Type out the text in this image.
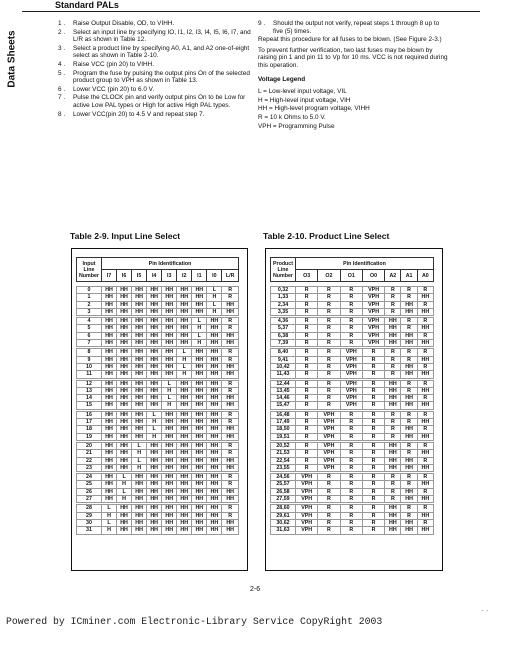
Standard PALs
Data Sheets
1 . Raise Output Disable, OD, to VIHH.
2 . Select an input line by specifying IO, I1, I2, I3, I4, I5, I6, I7, and L/R as shown in Table 12.
3 . Select a product line by specifying A0, A1, and A2 one-of-eight select as shown in Table 2-10.
4 . Raise VCC (pin 20) to VIHH.
5 . Program the fuse by pulsing the output pins On of the selected product group to VPH as shown in Table 13.
6 . Lower VCC (pin 20) to 6.0 V.
7 . Pulse the CLOCK pin and verify output pins On to be Low for active Low PAL types or High for active High PAL types.
8 . Lower VCC(pin 20) to 4.5 V and repeat step 7.
9 . Should the output not verify, repeat steps 1 through 8 up to five (5) times.

Repeat this procedure for all fuses to be blown. (See Figure 2-3.)

To prevent further verification, two last fuses may be blown by raising pin 1 and pin 11 to Vp for 10 ms. VCC is not required during this operation.

Voltage Legend
L = Low-level input voltage, VIL
H = High-level input voltage, VIH
HH = High-level program voltage, VIHH
R = 10 k Ohms to 5.0 V.
VPH = Programming Pulse
Table 2-9. Input Line Select	Table 2-10. Product Line Select
Input Line Number	Pin Identification								
	I7	I6	I5	I4	I3	I2	I1	I0	L/R

0	HH	HH	HH	HH	HH	HH	HH	L	R
1	HH	HH	HH	HH	HH	HH	HH	H	R
2	HH	HH	HH	HH	HH	HH	HH	L	HH
3	HH	HH	HH	HH	HH	HH	HH	H	HH

4	HH	HH	HH	HH	HH	HH	L	HH	R
5	HH	HH	HH	HH	HH	HH	H	HH	R
6	HH	HH	HH	HH	HH	HH	L	HH	HH
7	HH	HH	HH	HH	HH	HH	H	HH	HH

8	HH	HH	HH	HH	HH	L	HH	HH	R
9	HH	HH	HH	HH	HH	H	HH	HH	R
10	HH	HH	HH	HH	HH	L	HH	HH	HH
11	HH	HH	HH	HH	HH	H	HH	HH	HH

12	HH	HH	HH	HH	L	HH	HH	HH	R
13	HH	HH	HH	HH	H	HH	HH	HH	R
14	HH	HH	HH	HH	L	HH	HH	HH	HH
15	HH	HH	HH	HH	H	HH	HH	HH	HH

16	HH	HH	HH	L	HH	HH	HH	HH	R
17	HH	HH	HH	H	HH	HH	HH	HH	R
18	HH	HH	HH	L	HH	HH	HH	HH	HH
19	HH	HH	HH	H	HH	HH	HH	HH	HH

20	HH	HH	L	HH	HH	HH	HH	HH	R
21	HH	HH	H	HH	HH	HH	HH	HH	R
22	HH	HH	L	HH	HH	HH	HH	HH	HH
23	HH	HH	H	HH	HH	HH	HH	HH	HH

24	HH	L	HH	HH	HH	HH	HH	HH	R
25	HH	H	HH	HH	HH	HH	HH	HH	R
26	HH	L	HH	HH	HH	HH	HH	HH	HH
27	HH	H	HH	HH	HH	HH	HH	HH	HH

28	L	HH	HH	HH	HH	HH	HH	HH	R
29	H	HH	HH	HH	HH	HH	HH	HH	R
30	L	HH	HH	HH	HH	HH	HH	HH	HH
31	H	HH	HH	HH	HH	HH	HH	HH	HH
Product Line Number	Pin Identification						
	O3	O2	O1	O0	A2	A1	A0

0,32	R	R	R	VPH	R	R	R
1,33	R	R	R	VPH	R	R	HH
2,34	R	R	R	VPH	R	HH	R
3,35	R	R	R	VPH	R	HH	HH

4,36	R	R	R	VPH	HH	R	R
5,37	R	R	R	VPH	HH	R	HH
6,38	R	R	R	VPH	HH	HH	R
7,39	R	R	R	VPH	HH	HH	HH

8,40	R	R	VPH	R	R	R	R
9,41	R	R	VPH	R	R	R	HH
10,42	R	R	VPH	R	R	HH	R
11,43	R	R	VPH	R	R	HH	HH

12,44	R	R	VPH	R	HH	R	R
13,45	R	R	VPH	R	HH	R	HH
14,46	R	R	VPH	R	HH	HH	R
15,47	R	R	VPH	R	HH	HH	HH

16,48	R	VPH	R	R	R	R	R
17,49	R	VPH	R	R	R	R	HH
18,50	R	VPH	R	R	R	HH	R
19,51	R	VPH	R	R	R	HH	HH

20,52	R	VPH	R	R	HH	R	R
21,53	R	VPH	R	R	HH	R	HH
22,54	R	VPH	R	R	HH	HH	R
23,55	R	VPH	R	R	HH	HH	HH

24,56	VPH	R	R	R	R	R	R
25,57	VPH	R	R	R	R	R	HH
26,58	VPH	R	R	R	R	HH	R
27,59	VPH	R	R	R	R	HH	HH

28,60	VPH	R	R	R	HH	R	R
29,61	VPH	R	R	R	HH	R	HH
30,62	VPH	R	R	R	HH	HH	R
31,63	VPH	R	R	R	HH	HH	HH
2-6
- -
Powered by ICminer.com Electronic-Library Service CopyRight 2003
